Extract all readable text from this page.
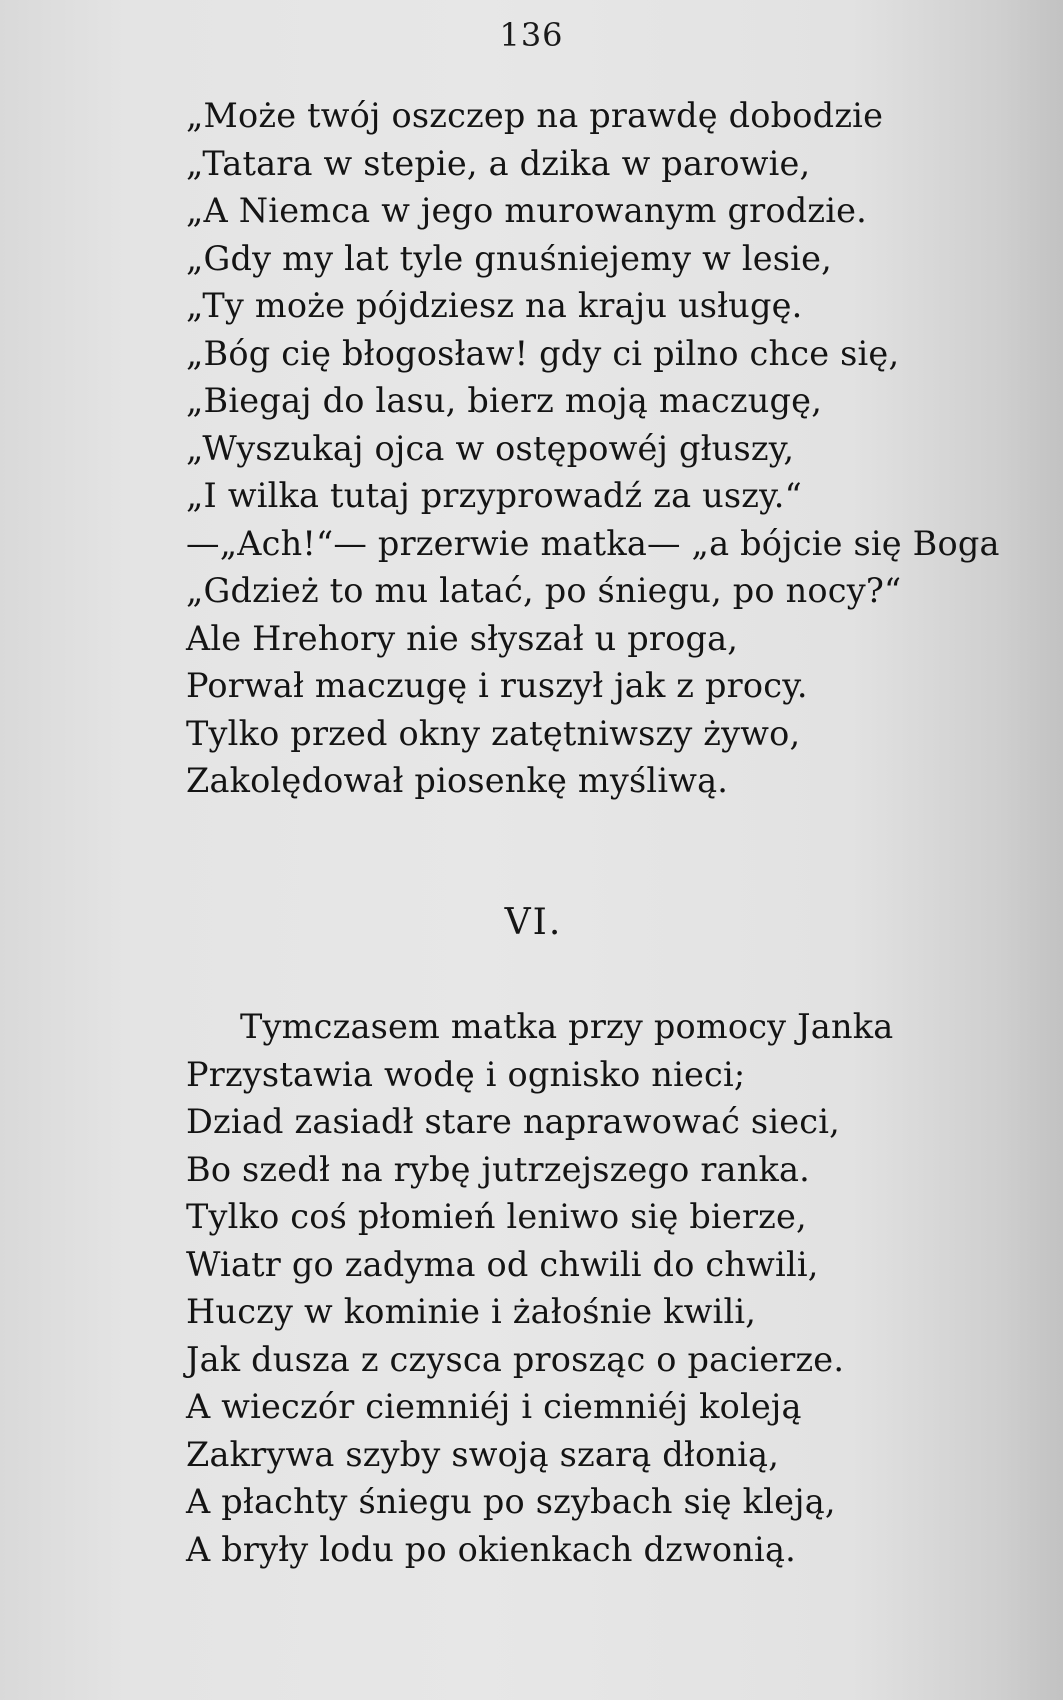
136
„Może twój oszczep na prawdę dobodzie
„Tatara w stepie, a dzika w parowie,
„A Niemca w jego murowanym grodzie.
„Gdy my lat tyle gnuśniejemy w lesie,
„Ty może pójdziesz na kraju usługę.
„Bóg cię błogosław! gdy ci pilno chce się,
„Biegaj do lasu, bierz moją maczugę,
„Wyszukaj ojca w ostępowéj głuszy,
„I wilka tutaj przyprowadź za uszy.“
—„Ach!“— przerwie matka— „a bójcie się Boga
„Gdzież to mu latać, po śniegu, po nocy?“
Ale Hrehory nie słyszał u proga,
Porwał maczugę i ruszył jak z procy.
Tylko przed okny zatętniwszy żywo,
Zakolędował piosenkę myśliwą.
VI.
Tymczasem matka przy pomocy Janka
Przystawia wodę i ognisko nieci;
Dziad zasiadł stare naprawować sieci,
Bo szedł na rybę jutrzejszego ranka.
Tylko coś płomień leniwo się bierze,
Wiatr go zadyma od chwili do chwili,
Huczy w kominie i żałośnie kwili,
Jak dusza z czysca prosząc o pacierze.
A wieczór ciemniéj i ciemniéj koleją
Zakrywa szyby swoją szarą dłonią,
A płachty śniegu po szybach się kleją,
A bryły lodu po okienkach dzwonią.
